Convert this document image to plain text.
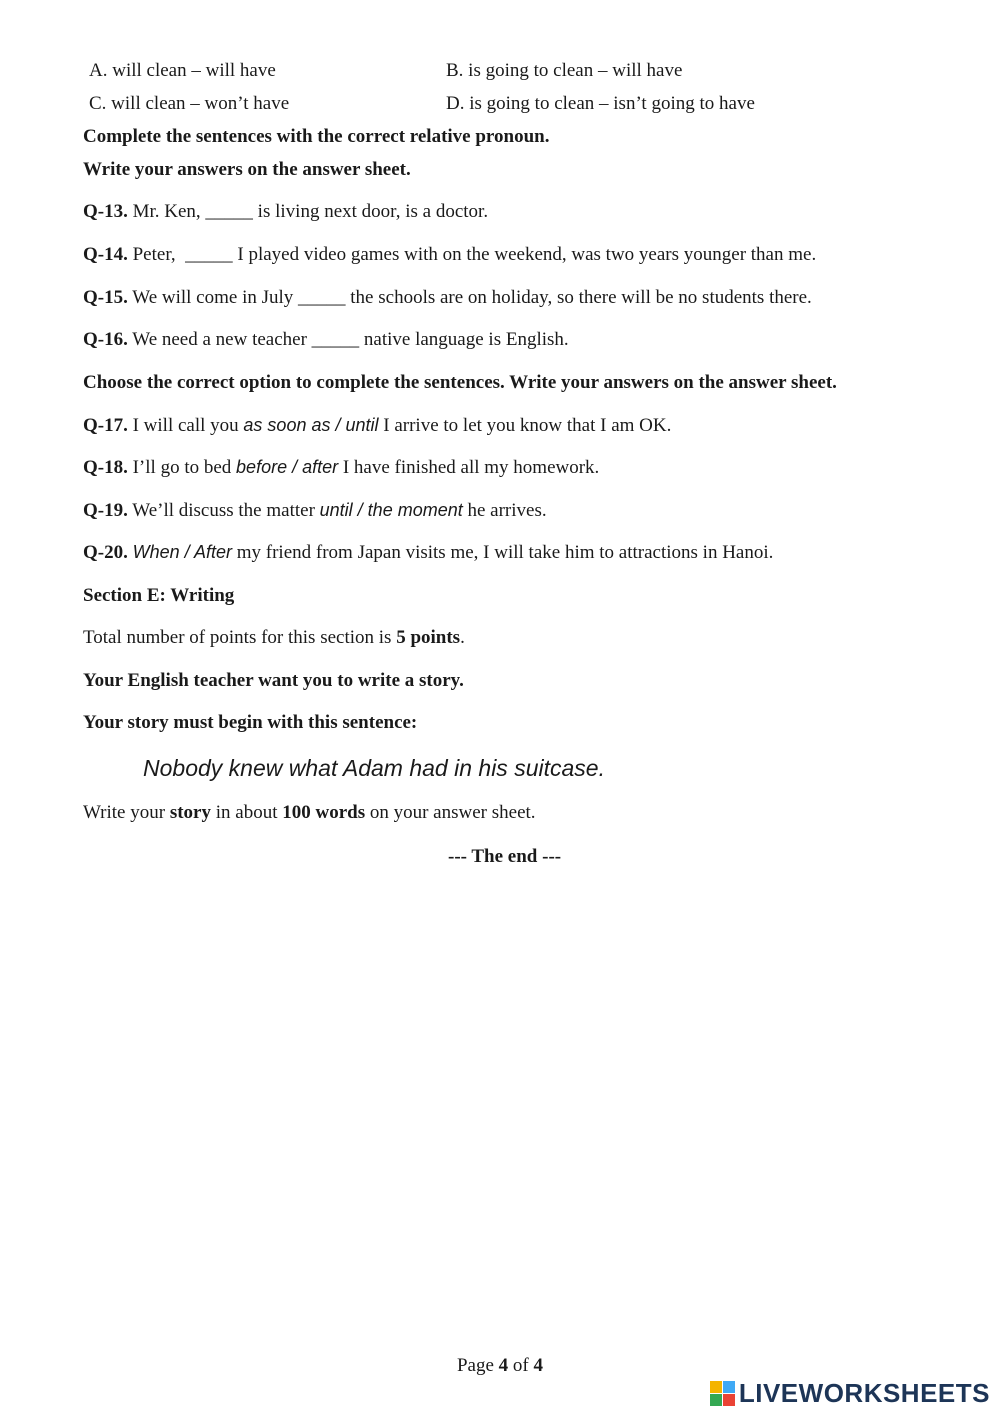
A. will clean – will have	B. is going to clean – will have
C. will clean – won’t have	D. is going to clean – isn’t going to have
Complete the sentences with the correct relative pronoun.
Write your answers on the answer sheet.
Q-13. Mr. Ken, _____ is living next door, is a doctor.
Q-14. Peter,  _____ I played video games with on the weekend, was two years younger than me.
Q-15. We will come in July _____ the schools are on holiday, so there will be no students there.
Q-16. We need a new teacher _____ native language is English.
Choose the correct option to complete the sentences. Write your answers on the answer sheet.
Q-17. I will call you as soon as / until I arrive to let you know that I am OK.
Q-18. I’ll go to bed before / after I have finished all my homework.
Q-19. We’ll discuss the matter until / the moment he arrives.
Q-20. When / After my friend from Japan visits me, I will take him to attractions in Hanoi.
Section E: Writing
Total number of points for this section is 5 points.
Your English teacher want you to write a story.
Your story must begin with this sentence:
Nobody knew what Adam had in his suitcase.
Write your story in about 100 words on your answer sheet.
--- The end ---
Page 4 of 4
LIVEWORKSHEETS
